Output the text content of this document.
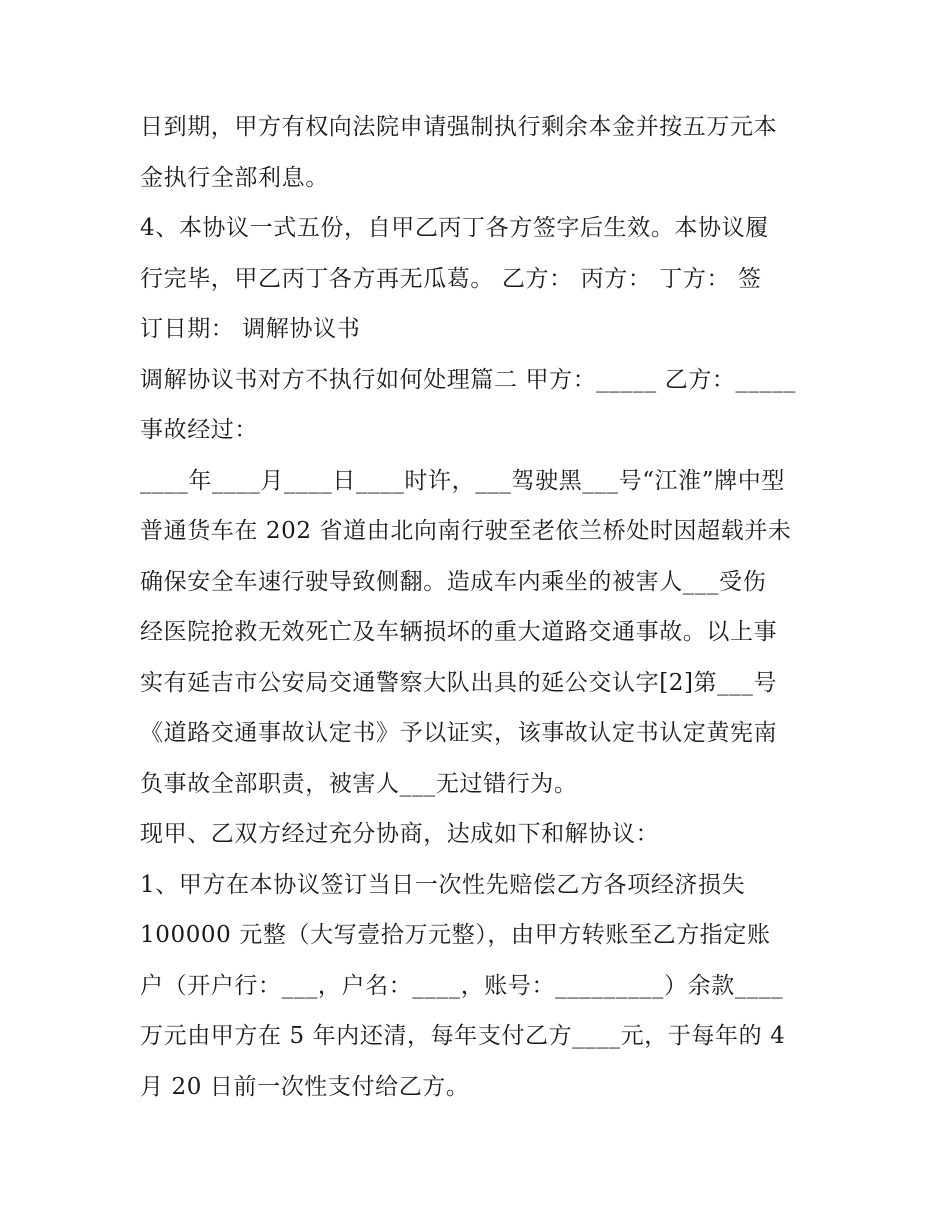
日到期，甲方有权向法院申请强制执行剩余本金并按五万元本
金执行全部利息。
4、本协议一式五份，自甲乙丙丁各方签字后生效。本协议履
行完毕，甲乙丙丁各方再无瓜葛。 乙方： 丙方： 丁方： 签
订日期： 调解协议书
调解协议书对方不执行如何处理篇二 甲方：_____ 乙方：_____
事故经过：
____年____月____日____时许，___驾驶黑___号“江淮”牌中型
普通货车在 202 省道由北向南行驶至老依兰桥处时因超载并未
确保安全车速行驶导致侧翻。造成车内乘坐的被害人___受伤
经医院抢救无效死亡及车辆损坏的重大道路交通事故。以上事
实有延吉市公安局交通警察大队出具的延公交认字[2]第___号
《道路交通事故认定书》予以证实，该事故认定书认定黄宪南
负事故全部职责，被害人___无过错行为。
现甲、乙双方经过充分协商，达成如下和解协议：
1、甲方在本协议签订当日一次性先赔偿乙方各项经济损失
100000 元整（大写壹拾万元整），由甲方转账至乙方指定账
户（开户行：___，户名：____，账号：_________）余款____
万元由甲方在 5 年内还清，每年支付乙方____元，于每年的 4
月 20 日前一次性支付给乙方。
